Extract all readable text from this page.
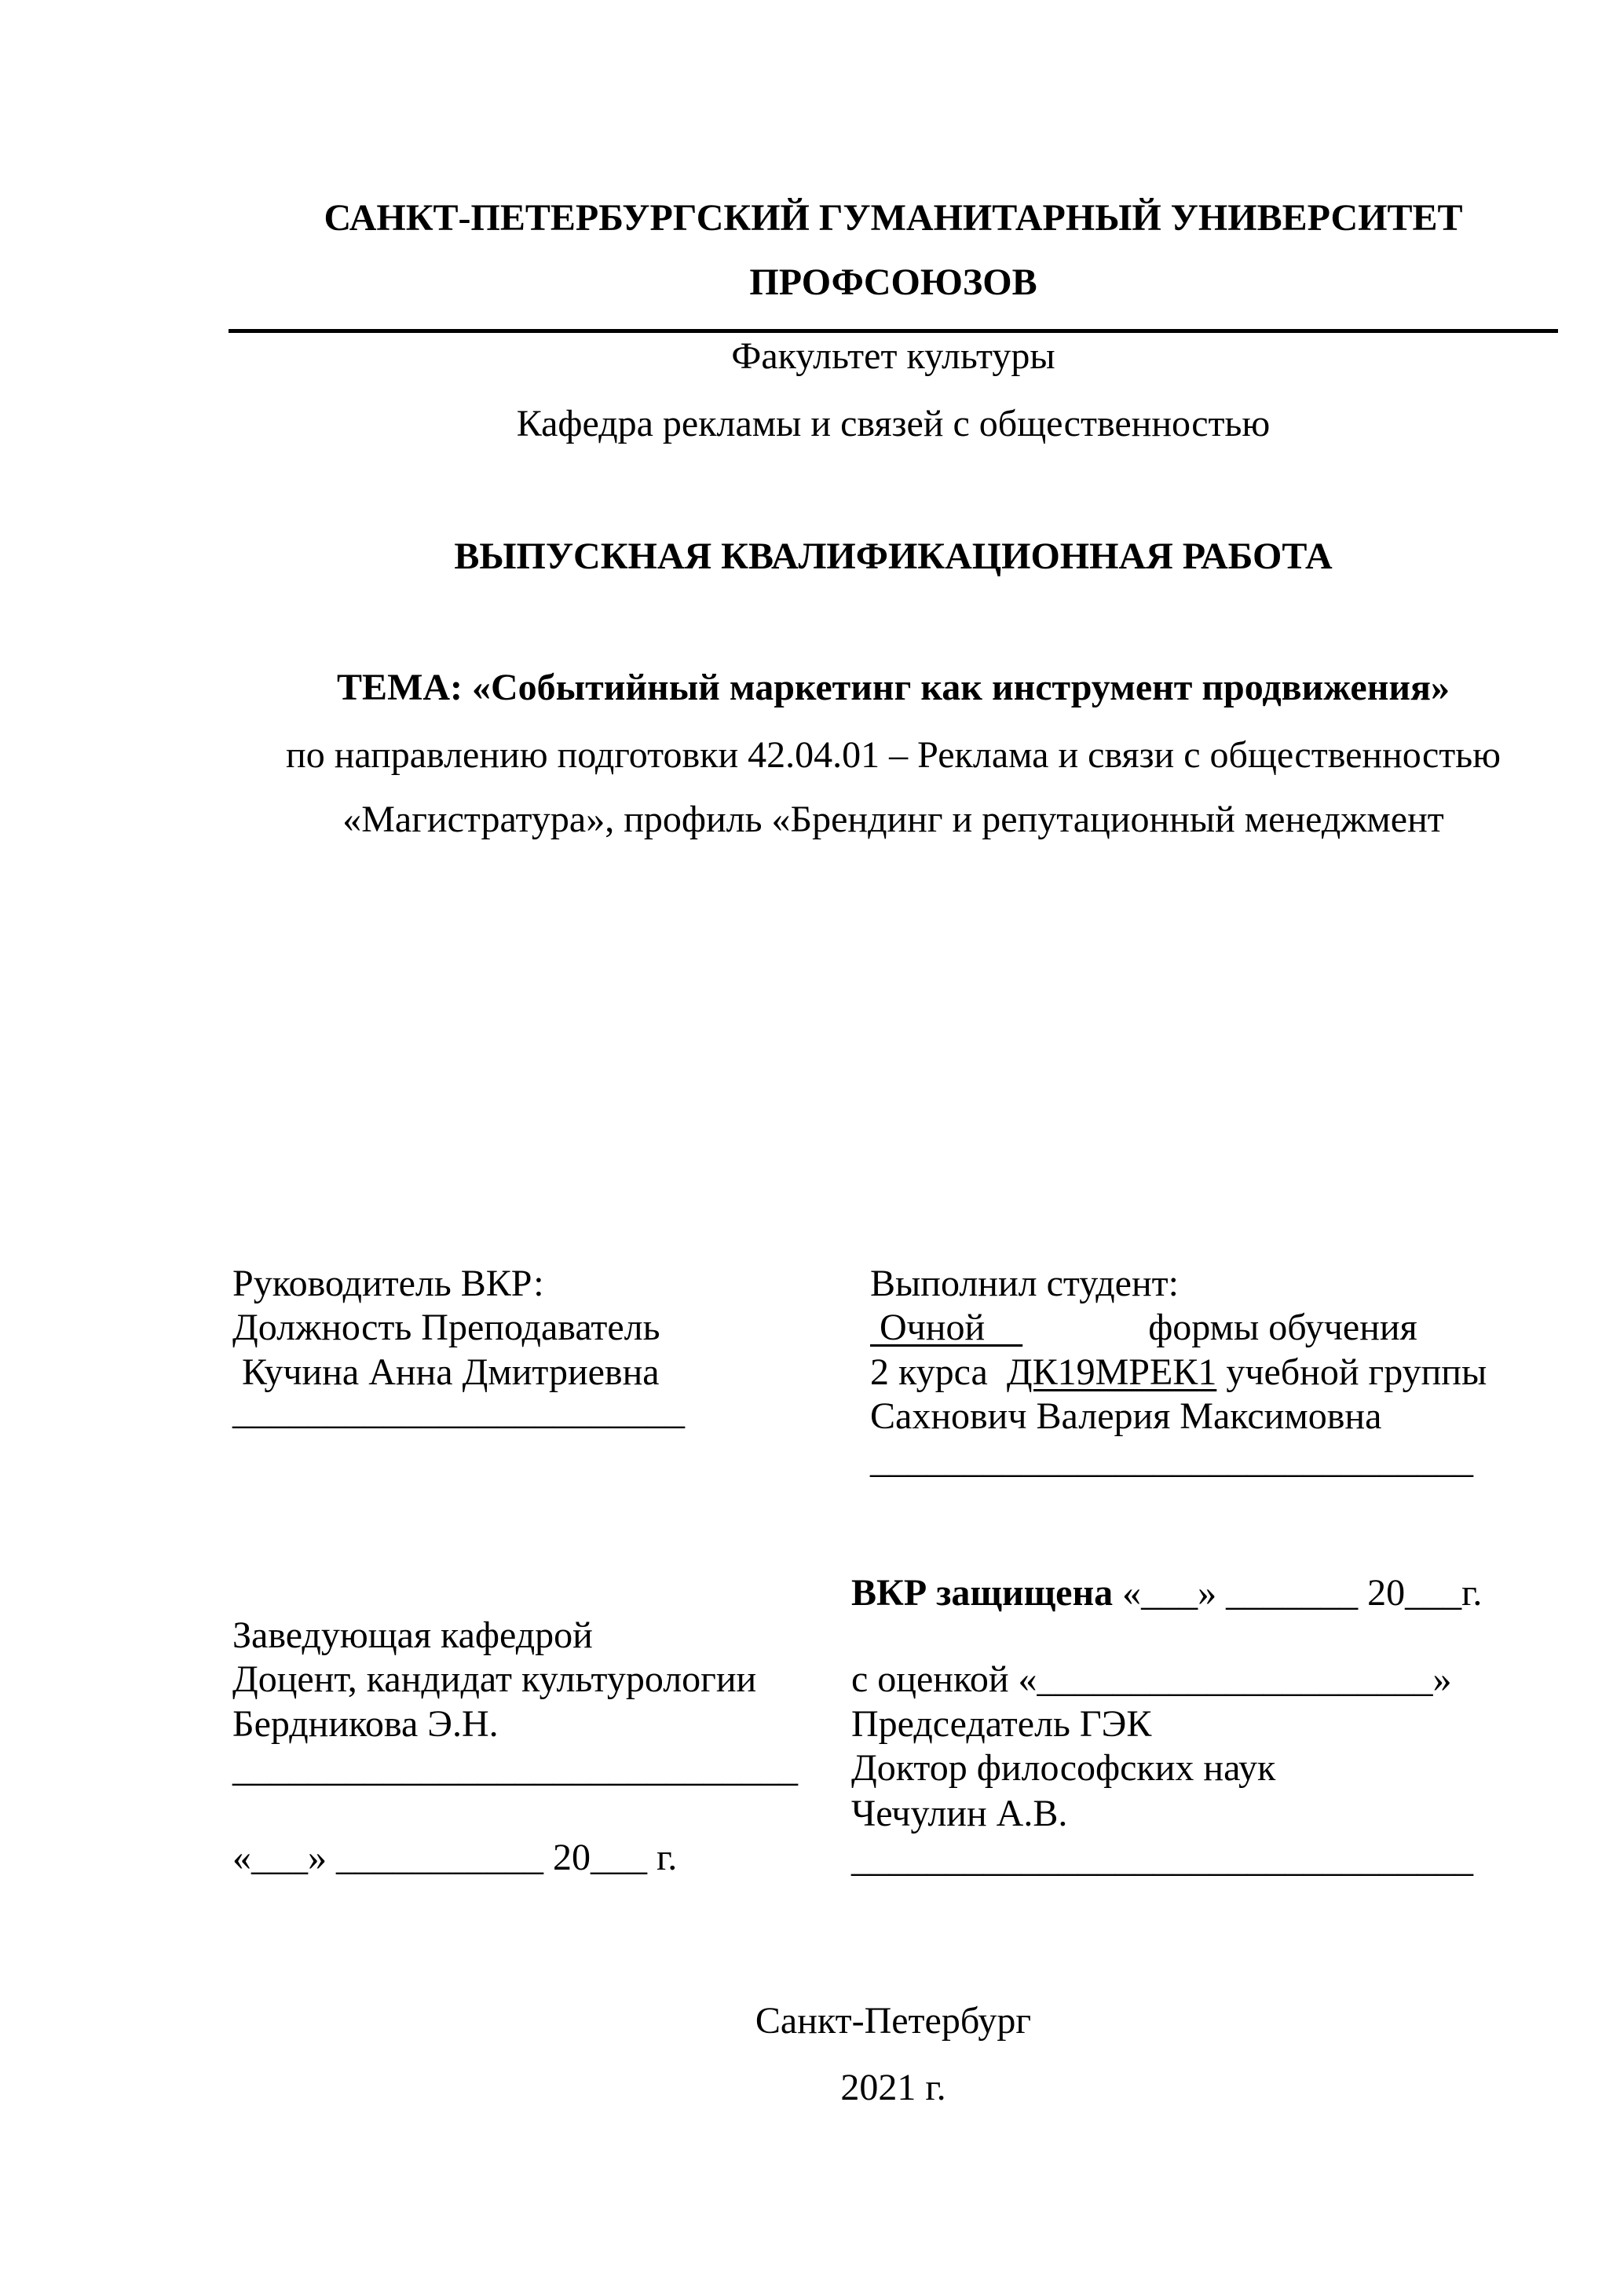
САНКТ-ПЕТЕРБУРГСКИЙ ГУМАНИТАРНЫЙ УНИВЕРСИТЕТ
ПРОФСОЮЗОВ
Факультет культуры
Кафедра рекламы и связей с общественностью
ВЫПУСКНАЯ КВАЛИФИКАЦИОННАЯ РАБОТА
ТЕМА: «Событийный маркетинг как инструмент продвижения»
по направлению подготовки 42.04.01 – Реклама и связи с общественностью
«Магистратура», профиль «Брендинг и репутационный менеджмент
Руководитель ВКР:
Должность Преподаватель
Кучина Анна Дмитриевна
________________________
Выполнил студент:
Очной	формы обучения
2 курса  ДК19МРЕК1 учебной группы
Сахнович Валерия Максимовна
________________________________
ВКР защищена «___» _______ 20___г.
Заведующая кафедрой
Доцент, кандидат культурологии
Бердникова Э.Н.
______________________________
«___» ___________ 20___ г.
с оценкой «_____________________»
Председатель ГЭК
Доктор философских наук
Чечулин А.В.
_________________________________
Санкт-Петербург
2021 г.
